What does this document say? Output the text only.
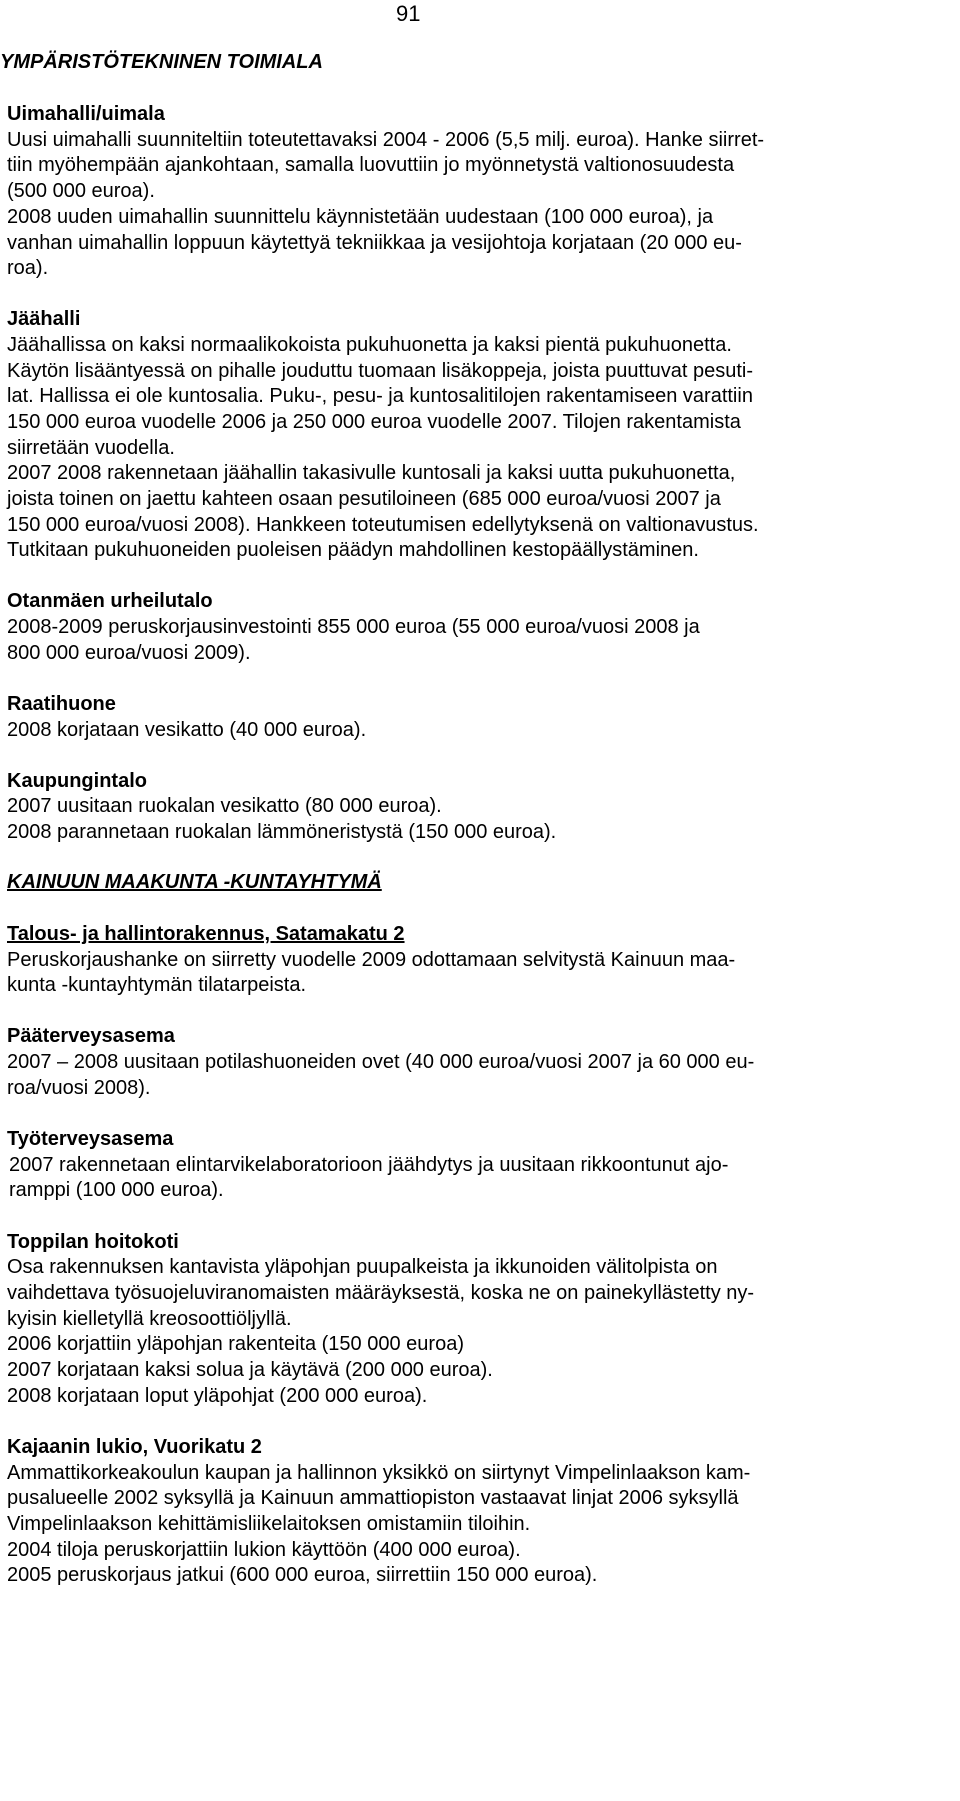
91
YMPÄRISTÖTEKNINEN TOIMIALA
Uimahalli/uimala
Uusi uimahalli suunniteltiin toteutettavaksi 2004 - 2006 (5,5 milj. euroa). Hanke siirret-
tiin myöhempään ajankohtaan, samalla luovuttiin jo myönnetystä valtionosuudesta
(500 000 euroa).
2008 uuden uimahallin suunnittelu käynnistetään uudestaan (100 000 euroa), ja
vanhan uimahallin loppuun käytettyä tekniikkaa ja vesijohtoja korjataan (20 000 eu-
roa).
Jäähalli
Jäähallissa on kaksi normaalikokoista pukuhuonetta ja kaksi pientä pukuhuonetta.
Käytön lisääntyessä on pihalle jouduttu tuomaan lisäkoppeja, joista puuttuvat pesuti-
lat. Hallissa ei ole kuntosalia. Puku-, pesu- ja kuntosalitilojen rakentamiseen varattiin
150 000 euroa vuodelle 2006 ja 250 000 euroa vuodelle 2007. Tilojen rakentamista
siirretään vuodella.
2007 2008 rakennetaan jäähallin takasivulle kuntosali ja kaksi uutta pukuhuonetta,
joista toinen on jaettu kahteen osaan pesutiloineen (685 000 euroa/vuosi 2007 ja
150 000 euroa/vuosi 2008). Hankkeen toteutumisen edellytyksenä on valtionavustus.
Tutkitaan pukuhuoneiden puoleisen päädyn mahdollinen kestopäällystäminen.
Otanmäen urheilutalo
2008-2009 peruskorjausinvestointi 855 000 euroa (55 000 euroa/vuosi 2008 ja
800 000 euroa/vuosi 2009).
Raatihuone
2008 korjataan vesikatto (40 000 euroa).
Kaupungintalo
2007 uusitaan ruokalan vesikatto (80 000 euroa).
2008 parannetaan ruokalan lämmöneristystä (150 000 euroa).
KAINUUN MAAKUNTA -KUNTAYHTYMÄ
Talous- ja hallintorakennus, Satamakatu 2
Peruskorjaushanke on siirretty vuodelle 2009 odottamaan selvitystä Kainuun maa-
kunta -kuntayhtymän tilatarpeista.
Pääterveysasema
2007 – 2008 uusitaan potilashuoneiden ovet (40 000 euroa/vuosi 2007 ja 60 000 eu-
roa/vuosi 2008).
Työterveysasema
2007 rakennetaan elintarvikelaboratorioon jäähdytys ja uusitaan rikkoontunut ajo-
ramppi (100 000 euroa).
Toppilan hoitokoti
Osa rakennuksen kantavista yläpohjan puupalkeista ja ikkunoiden välitolpista on
vaihdettava työsuojeluviranomaisten määräyksestä, koska ne on painekyllästetty ny-
kyisin kielletyllä kreosoottiöljyllä.
2006 korjattiin yläpohjan rakenteita (150 000 euroa)
2007 korjataan kaksi solua ja käytävä (200 000 euroa).
2008 korjataan loput yläpohjat (200 000 euroa).
Kajaanin lukio, Vuorikatu 2
Ammattikorkeakoulun kaupan ja hallinnon yksikkö on siirtynyt Vimpelinlaakson kam-
pusalueelle 2002 syksyllä ja Kainuun ammattiopiston vastaavat linjat 2006 syksyllä
Vimpelinlaakson kehittämisliikelaitoksen omistamiin tiloihin.
2004 tiloja peruskorjattiin lukion käyttöön (400 000 euroa).
2005 peruskorjaus jatkui (600 000 euroa, siirrettiin 150 000 euroa).
